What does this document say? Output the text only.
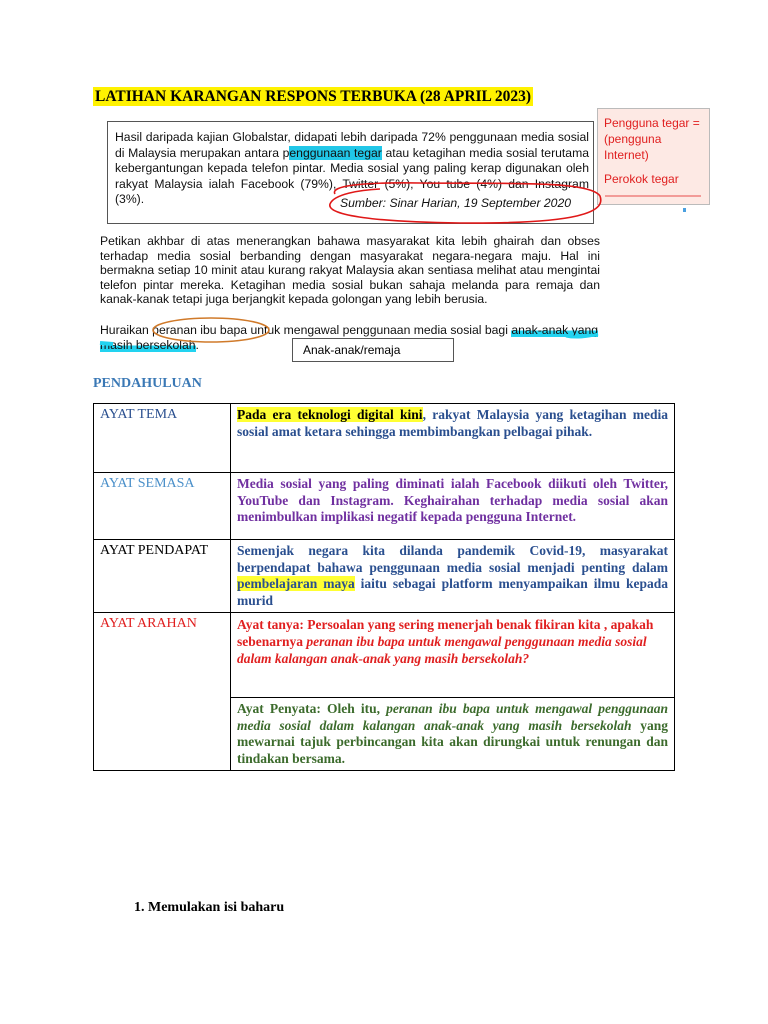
LATIHAN KARANGAN RESPONS TERBUKA (28 APRIL 2023)
Hasil daripada kajian Globalstar, didapati lebih daripada 72% penggunaan media sosial di Malaysia merupakan antara penggunaan tegar atau ketagihan media sosial terutama kebergantungan kepada telefon pintar. Media sosial yang paling kerap digunakan oleh rakyat Malaysia ialah Facebook (79%), Twitter (5%), You tube (4%) dan Instagram (3%).	Sumber: Sinar Harian, 19 September 2020

Pengguna tegar =(pengguna Internet)

Perokok tegar

Petikan akhbar di atas menerangkan bahawa masyarakat kita lebih ghairah dan obses terhadap media sosial berbanding dengan masyarakat negara-negara maju. Hal ini bermakna setiap 10 minit atau kurang rakyat Malaysia akan sentiasa melihat atau mengintai telefon pintar mereka. Ketagihan media sosial bukan sahaja melanda para remaja dan kanak-kanak tetapi juga berjangkit kepada golongan yang lebih berusia.
Huraikan peranan ibu bapa untuk mengawal penggunaan media sosial bagi anak-anak yang masih bersekolah.	Anak-anak/remaja
PENDAHULUAN
AYAT TEMA	Pada era teknologi digital kini, rakyat Malaysia yang ketagihan media sosial amat ketara sehingga membimbangkan pelbagai pihak.
AYAT SEMASA	Media sosial yang paling diminati ialah Facebook diikuti oleh Twitter, YouTube dan Instagram. Keghairahan terhadap media sosial akan menimbulkan implikasi negatif kepada pengguna Internet.
AYAT PENDAPAT	Semenjak negara kita dilanda pandemik Covid-19, masyarakat berpendapat bahawa penggunaan media sosial menjadi penting dalam pembelajaran maya iaitu sebagai platform menyampaikan ilmu kepada murid
AYAT ARAHAN	Ayat tanya: Persoalan yang sering menerjah benak fikiran kita , apakah sebenarnya peranan ibu bapa untuk mengawal penggunaan media sosial dalam kalangan anak-anak yang masih bersekolah?
	Ayat Penyata: Oleh itu, peranan ibu bapa untuk mengawal penggunaan media sosial dalam kalangan anak-anak yang masih bersekolah yang mewarnai tajuk perbincangan kita akan dirungkai untuk renungan dan tindakan bersama.
1. Memulakan isi baharu
